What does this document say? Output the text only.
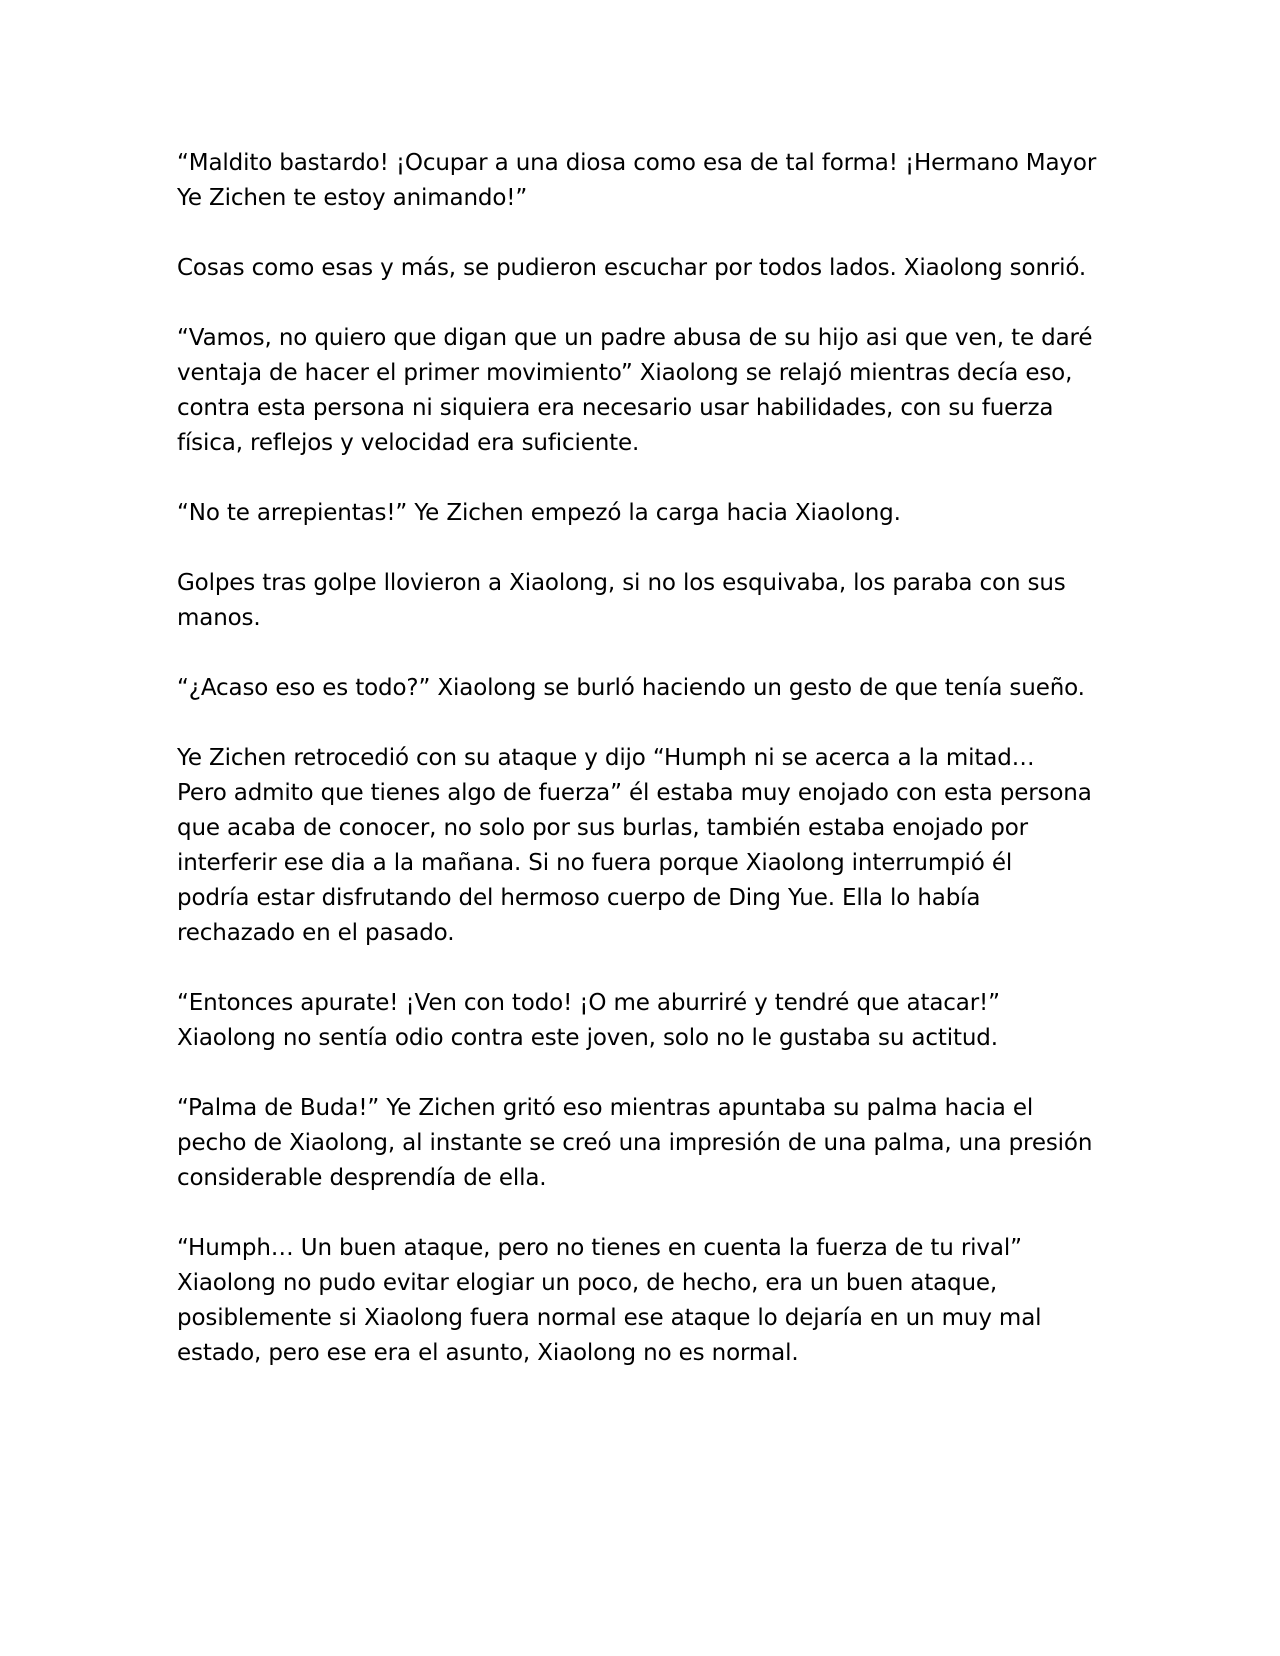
“Maldito bastardo! ¡Ocupar a una diosa como esa de tal forma! ¡Hermano Mayor
Ye Zichen te estoy animando!”
Cosas como esas y más, se pudieron escuchar por todos lados. Xiaolong sonrió.
“Vamos, no quiero que digan que un padre abusa de su hijo asi que ven, te daré
ventaja de hacer el primer movimiento” Xiaolong se relajó mientras decía eso,
contra esta persona ni siquiera era necesario usar habilidades, con su fuerza
física, reflejos y velocidad era suficiente.
“No te arrepientas!” Ye Zichen empezó la carga hacia Xiaolong.
Golpes tras golpe llovieron a Xiaolong, si no los esquivaba, los paraba con sus
manos.
“¿Acaso eso es todo?” Xiaolong se burló haciendo un gesto de que tenía sueño.
Ye Zichen retrocedió con su ataque y dijo “Humph ni se acerca a la mitad…
Pero admito que tienes algo de fuerza” él estaba muy enojado con esta persona
que acaba de conocer, no solo por sus burlas, también estaba enojado por
interferir ese dia a la mañana. Si no fuera porque Xiaolong interrumpió él
podría estar disfrutando del hermoso cuerpo de Ding Yue. Ella lo había
rechazado en el pasado.
“Entonces apurate! ¡Ven con todo! ¡O me aburriré y tendré que atacar!”
Xiaolong no sentía odio contra este joven, solo no le gustaba su actitud.
“Palma de Buda!” Ye Zichen gritó eso mientras apuntaba su palma hacia el
pecho de Xiaolong, al instante se creó una impresión de una palma, una presión
considerable desprendía de ella.
“Humph… Un buen ataque, pero no tienes en cuenta la fuerza de tu rival”
Xiaolong no pudo evitar elogiar un poco, de hecho, era un buen ataque,
posiblemente si Xiaolong fuera normal ese ataque lo dejaría en un muy mal
estado, pero ese era el asunto, Xiaolong no es normal.
